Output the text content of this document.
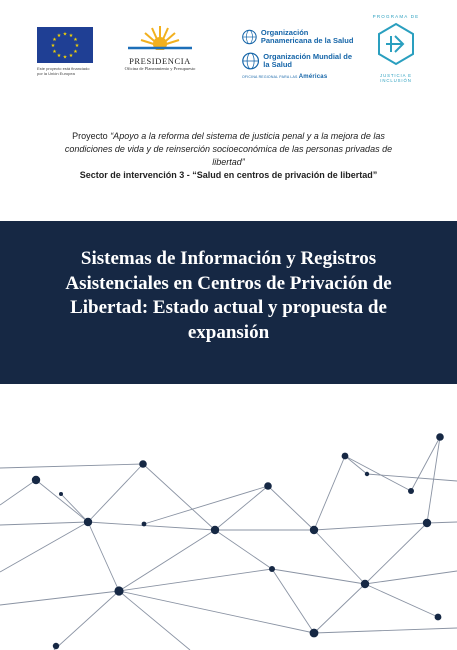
★ ★
★
★
★
★
★
★
★
★
★
★
Este proyecto está financiado por la Unión Europea
PRESIDENCIA
Oficina de Planeamiento y Presupuesto
Organización Panamericana de la Salud
Organización Mundial de la Salud
OFICINA REGIONAL PARA LAS Américas
PROGRAMA DE
JUSTICIA E INCLUSIÓN
Proyecto “Apoyo a la reforma del sistema de justicia penal y a la mejora de las condiciones de vida y de reinserción socioeconómica de las personas privadas de libertad”
Sector de intervención 3 - “Salud en centros de privación de libertad”
Sistemas de Información y Registros Asistenciales en Centros de Privación de Libertad: Estado actual y propuesta de expansión
